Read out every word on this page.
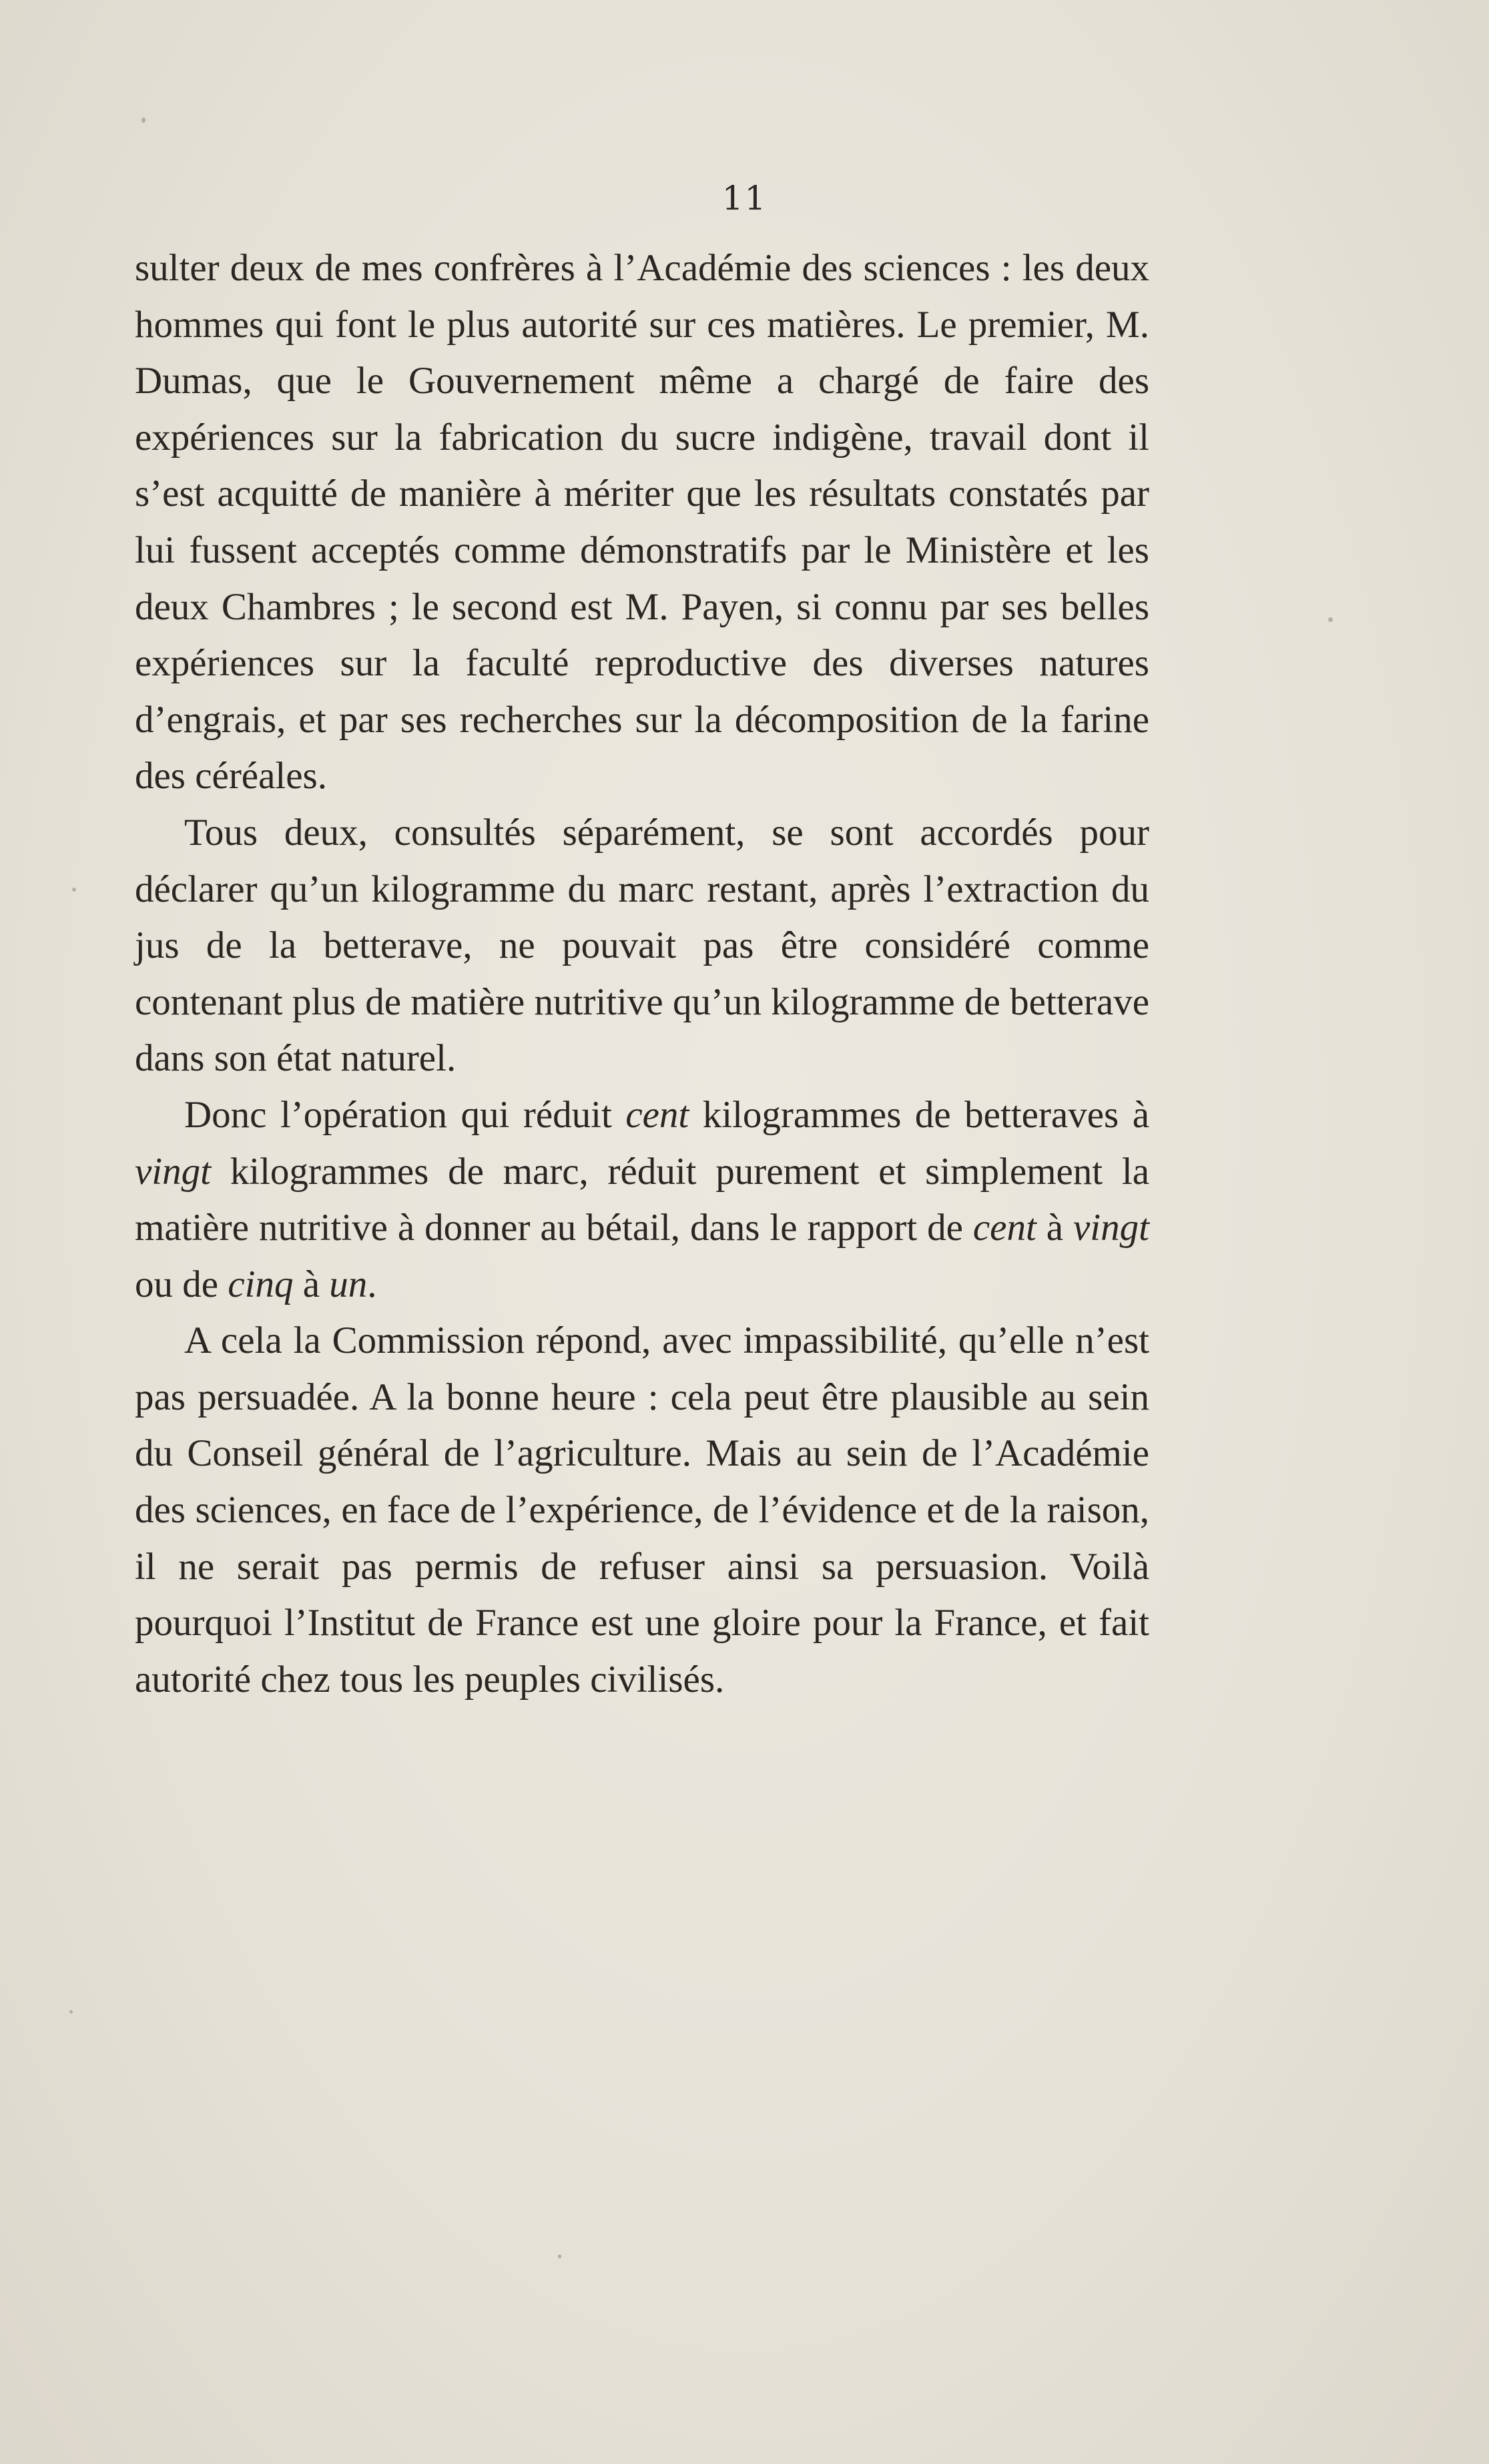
11

sulter deux de mes confrères à l’Académie des sciences : les deux hommes qui font le plus autorité sur ces matières. Le premier, M. Dumas, que le Gouvernement même a chargé de faire des expériences sur la fabrication du sucre indigène, travail dont il s’est acquitté de manière à mériter que les résultats constatés par lui fussent acceptés comme démonstratifs par le Ministère et les deux Chambres ; le second est M. Payen, si connu par ses belles expériences sur la faculté reproductive des diverses natures d’engrais, et par ses recherches sur la décomposition de la farine des céréales.

Tous deux, consultés séparément, se sont accordés pour déclarer qu’un kilogramme du marc restant, après l’extraction du jus de la betterave, ne pouvait pas être considéré comme contenant plus de matière nutritive qu’un kilogramme de betterave dans son état naturel.

Donc l’opération qui réduit cent kilogrammes de betteraves à vingt kilogrammes de marc, réduit purement et simplement la matière nutritive à donner au bétail, dans le rapport de cent à vingt ou de cinq à un.

A cela la Commission répond, avec impassibilité, qu’elle n’est pas persuadée. A la bonne heure : cela peut être plausible au sein du Conseil général de l’agriculture. Mais au sein de l’Académie des sciences, en face de l’expérience, de l’évidence et de la raison, il ne serait pas permis de refuser ainsi sa persuasion. Voilà pourquoi l’Institut de France est une gloire pour la France, et fait autorité chez tous les peuples civilisés.
